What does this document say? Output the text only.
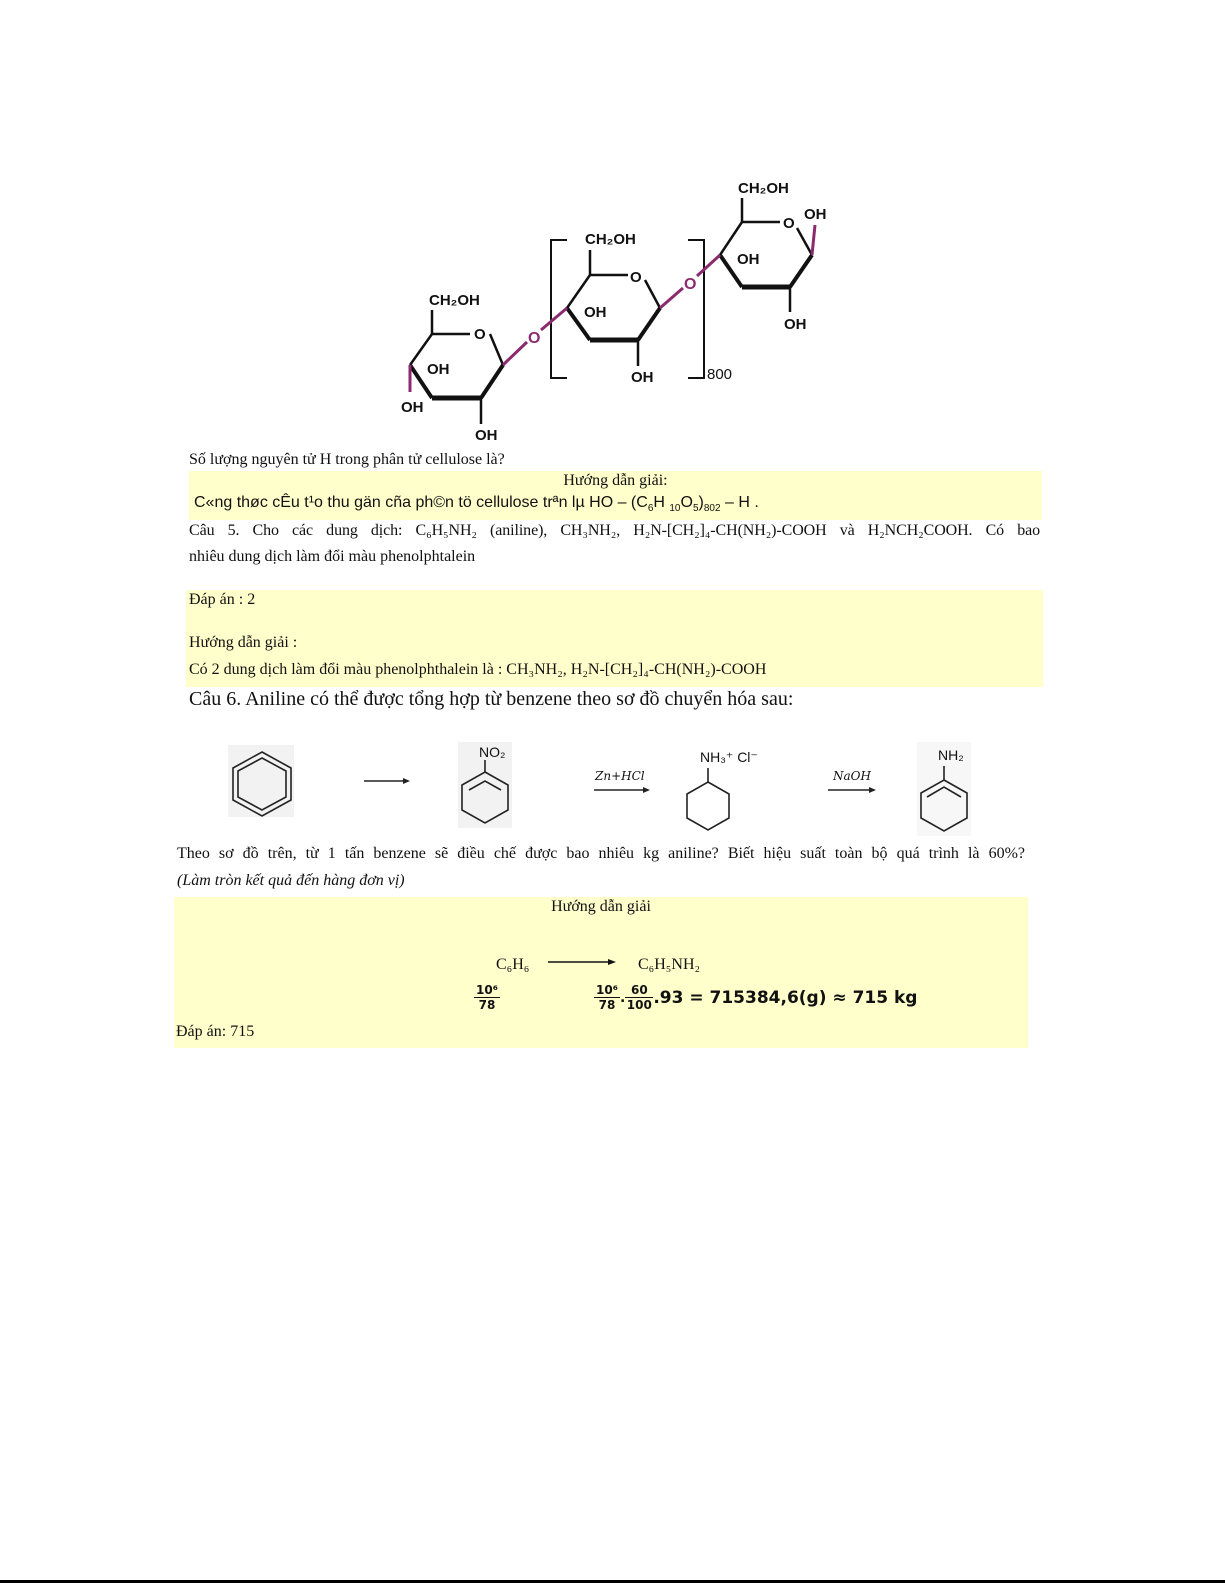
CH₂OH
O
OH
OH
OH
CH₂OH
O
OH
OH	800
CH₂OH
O
OH
OH
OH
O
O
Số lượng nguyên tử H trong phân tử cellulose là?
Hướng dẫn giải:
C«ng thøc cÊu t¹o thu gän cña ph©n tö cellulose trªn lµ HO – ($C_6H$ $_{10}O_5)_{802}$ – H .
Câu 5. Cho các dung dịch: C₆H₅NH₂ (aniline), CH₃NH₂, H₂N-[CH₂]₄-CH(NH₂)-COOH và H₂NCH₂COOH. Có bao
nhiêu dung dịch làm đổi màu phenolphtalein
Đáp án : 2
Hướng dẫn giải :
Có 2 dung dịch làm đổi màu phenolphthalein là : CH₃NH₂, H₂N-[CH₂]₄-CH(NH₂)-COOH
Câu 6. Aniline có thể được tổng hợp từ benzene theo sơ đồ chuyển hóa sau:
NO₂	NH₃⁺ Cl⁻	NH₂
Zn+HCl	NaOH
Theo sơ đồ trên, từ 1 tấn benzene sẽ điều chế được bao nhiêu kg aniline? Biết hiệu suất toàn bộ quá trình là 60%?
(Làm tròn kết quả đến hàng đơn vị)
Hướng dẫn giải
C₆H₆	C₆H₅NH₂
10⁶
78
10⁶
78 . 60
100 .93 = 715384,6(g) ≈ 715 kg
Đáp án: 715
